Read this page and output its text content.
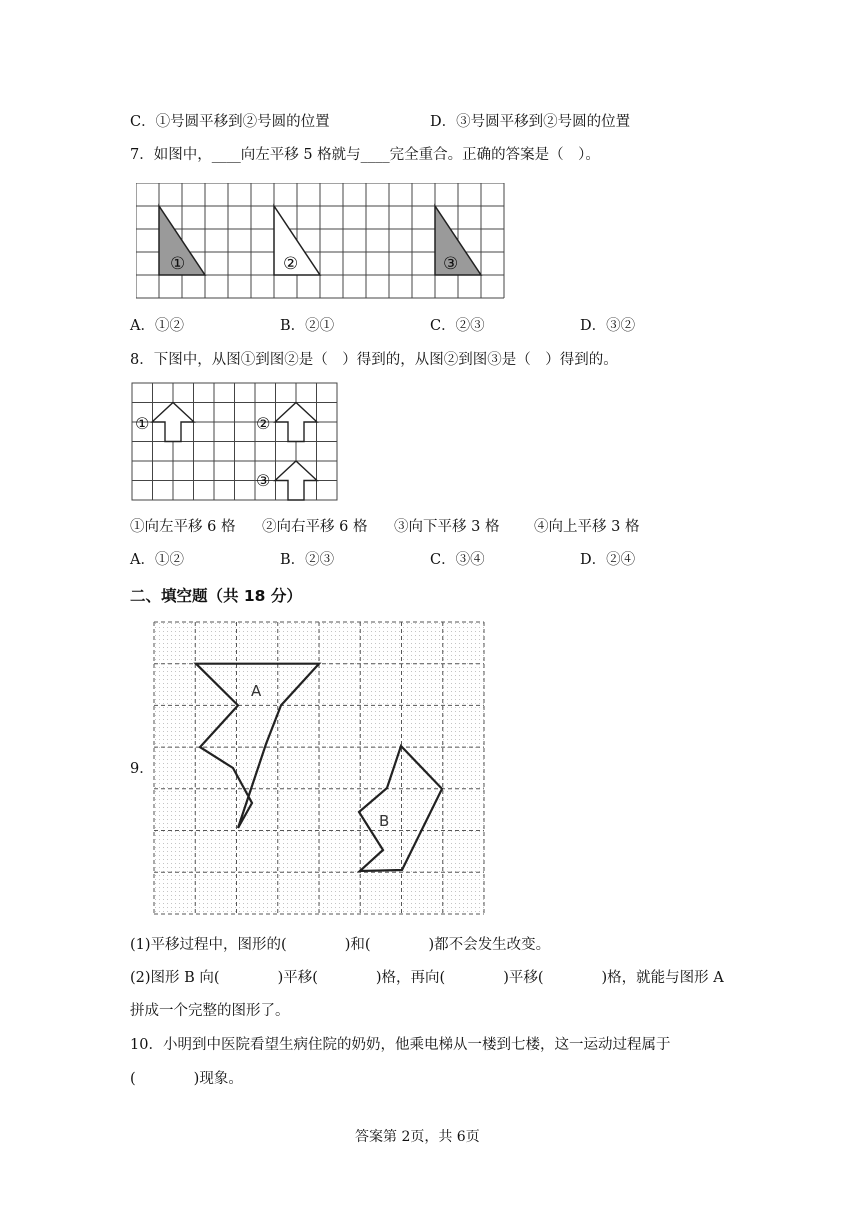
C．①号圆平移到②号圆的位置	D．③号圆平移到②号圆的位置
7．如图中，____向左平移 5 格就与____完全重合。正确的答案是（　）。
①	②	③
A．①②	B．②①	C．②③	D．③②
8．下图中，从图①到图②是（　）得到的，从图②到图③是（　）得到的。
①	②
③
①向左平移 6 格 ②向右平移 6 格 ③向下平移 3 格 ④向上平移 3 格
A．①②	B．②③	C．③④	D．②④
二、填空题（共 18 分）
9．
A
B
(1)平移过程中，图形的(　　　　)和(　　　　)都不会发生改变。
(2)图形 B 向(　　　　)平移(　　　　)格，再向(　　　　)平移(　　　　)格，就能与图形 A
拼成一个完整的图形了。
10．小明到中医院看望生病住院的奶奶，他乘电梯从一楼到七楼，这一运动过程属于
(　　　　)现象。
答案第 2页，共 6页
